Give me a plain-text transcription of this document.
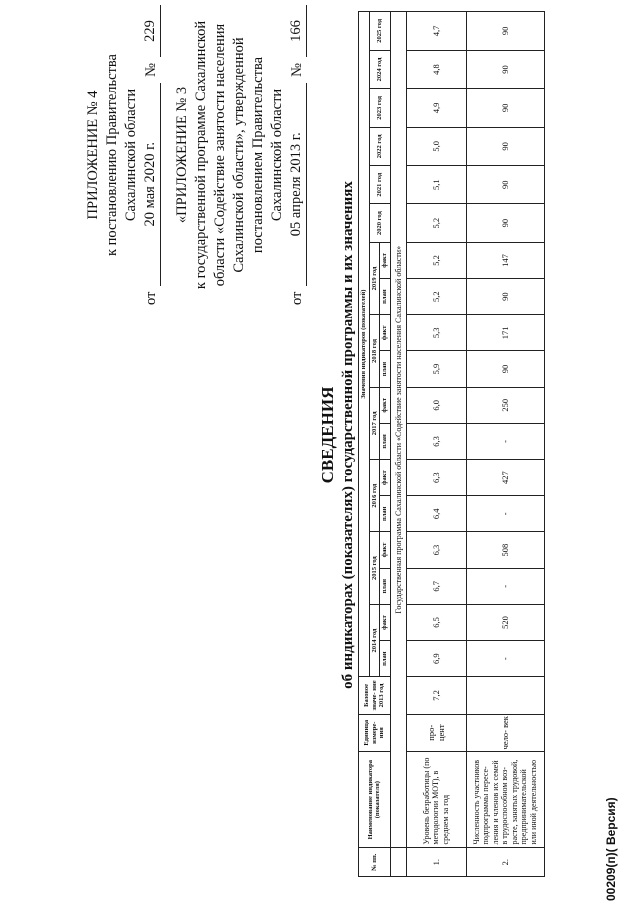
ПРИЛОЖЕНИЕ № 4 к постановлению Правительства Сахалинской области
от
20 мая 2020 г.
№
229
«ПРИЛОЖЕНИЕ № 3 к государственной программе Сахалинской области «Содействие занятости населения Сахалинской области», утвержденной постановлением Правительства Сахалинской области
от
05 апреля 2013 г.
№
166
СВЕДЕНИЯ об индикаторах (показателях) государственной программы и их значениях
№ пп.	Наименование индикатора (показателя)	Единица измере- ния	Базовое значе- ние 2013 год	Значения индикаторов (показателей)																	
				2014 год		2015 год		2016 год		2017 год		2018 год		2019 год		2020 год	2021 год	2022 год	2023 год	2024 год	2025 год
				план	факт	план	факт	план	факт	план	факт	план	факт	план	факт						
	Государственная программа Сахалинской области «Содействие занятости населения Сахалинской области»																				
1.	Уровень безработицы (по методологии МОТ), в среднем за год	про- цент	7,2	6,9	6,5	6,7	6,3	6,4	6,3	6,3	6,0	5,9	5,3	5,2	5,2	5,2	5,1	5,0	4,9	4,8	4,7
2.	Численность участников подпрограммы пересе- ления и членов их семей в трудоспособном воз- расте, занятых трудовой, предпринимательской или иной деятельностью	чело- век		-	520	-	508	-	427	-	250	90	171	90	147	90	90	90	90	90	90
00209(п)( Версия)
